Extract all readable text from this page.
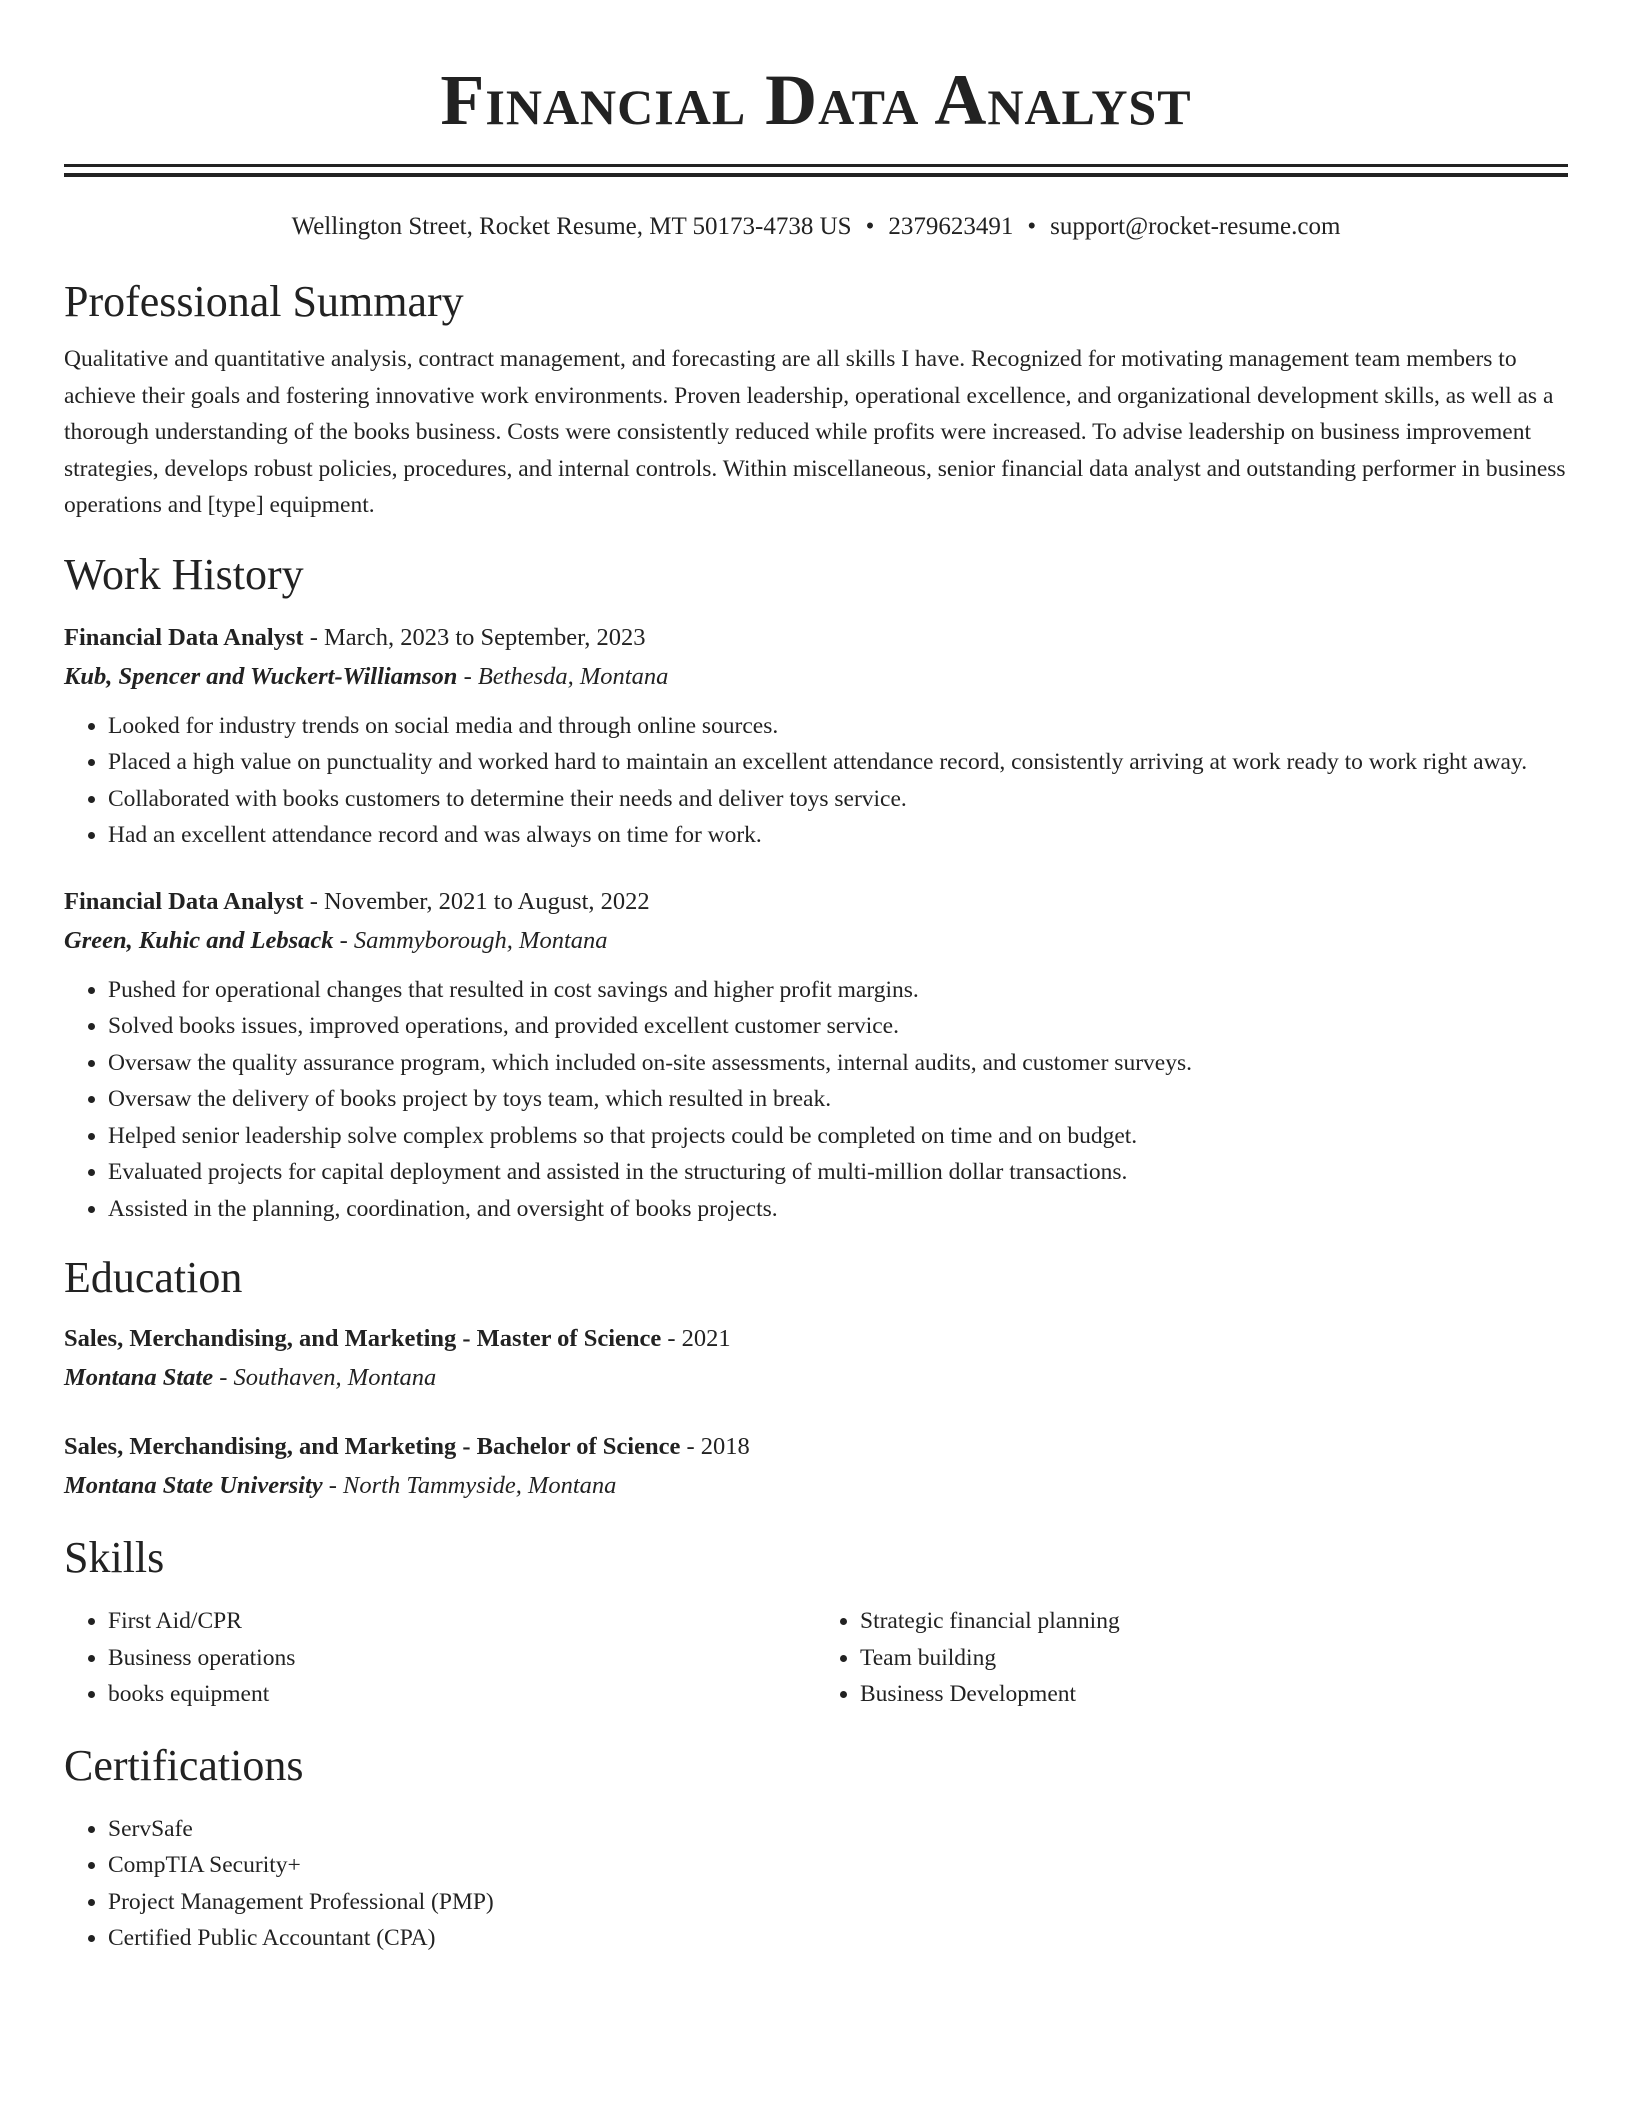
Financial Data Analyst
Wellington Street, Rocket Resume, MT 50173-4738 US • 2379623491 • support@rocket-resume.com
Professional Summary

Qualitative and quantitative analysis, contract management, and forecasting are all skills I have. Recognized for motivating management team members to achieve their goals and fostering innovative work environments. Proven leadership, operational excellence, and organizational development skills, as well as a thorough understanding of the books business. Costs were consistently reduced while profits were increased. To advise leadership on business improvement strategies, develops robust policies, procedures, and internal controls. Within miscellaneous, senior financial data analyst and outstanding performer in business operations and [type] equipment.

Work History
Financial Data Analyst - March, 2023 to September, 2023
Kub, Spencer and Wuckert-Williamson - Bethesda, Montana
• Looked for industry trends on social media and through online sources.
• Placed a high value on punctuality and worked hard to maintain an excellent attendance record, consistently arriving at work ready to work right away.
• Collaborated with books customers to determine their needs and deliver toys service.
• Had an excellent attendance record and was always on time for work.
Financial Data Analyst - November, 2021 to August, 2022
Green, Kuhic and Lebsack - Sammyborough, Montana
• Pushed for operational changes that resulted in cost savings and higher profit margins.
• Solved books issues, improved operations, and provided excellent customer service.
• Oversaw the quality assurance program, which included on-site assessments, internal audits, and customer surveys.
• Oversaw the delivery of books project by toys team, which resulted in break.
• Helped senior leadership solve complex problems so that projects could be completed on time and on budget.
• Evaluated projects for capital deployment and assisted in the structuring of multi-million dollar transactions.
• Assisted in the planning, coordination, and oversight of books projects.
Education
Sales, Merchandising, and Marketing - Master of Science - 2021
Montana State - Southaven, Montana
Sales, Merchandising, and Marketing - Bachelor of Science - 2018
Montana State University - North Tammyside, Montana
Skills
• First Aid/CPR
• Business operations
• books equipment
• Strategic financial planning
• Team building
• Business Development
Certifications
• ServSafe
• CompTIA Security+
• Project Management Professional (PMP)
• Certified Public Accountant (CPA)
